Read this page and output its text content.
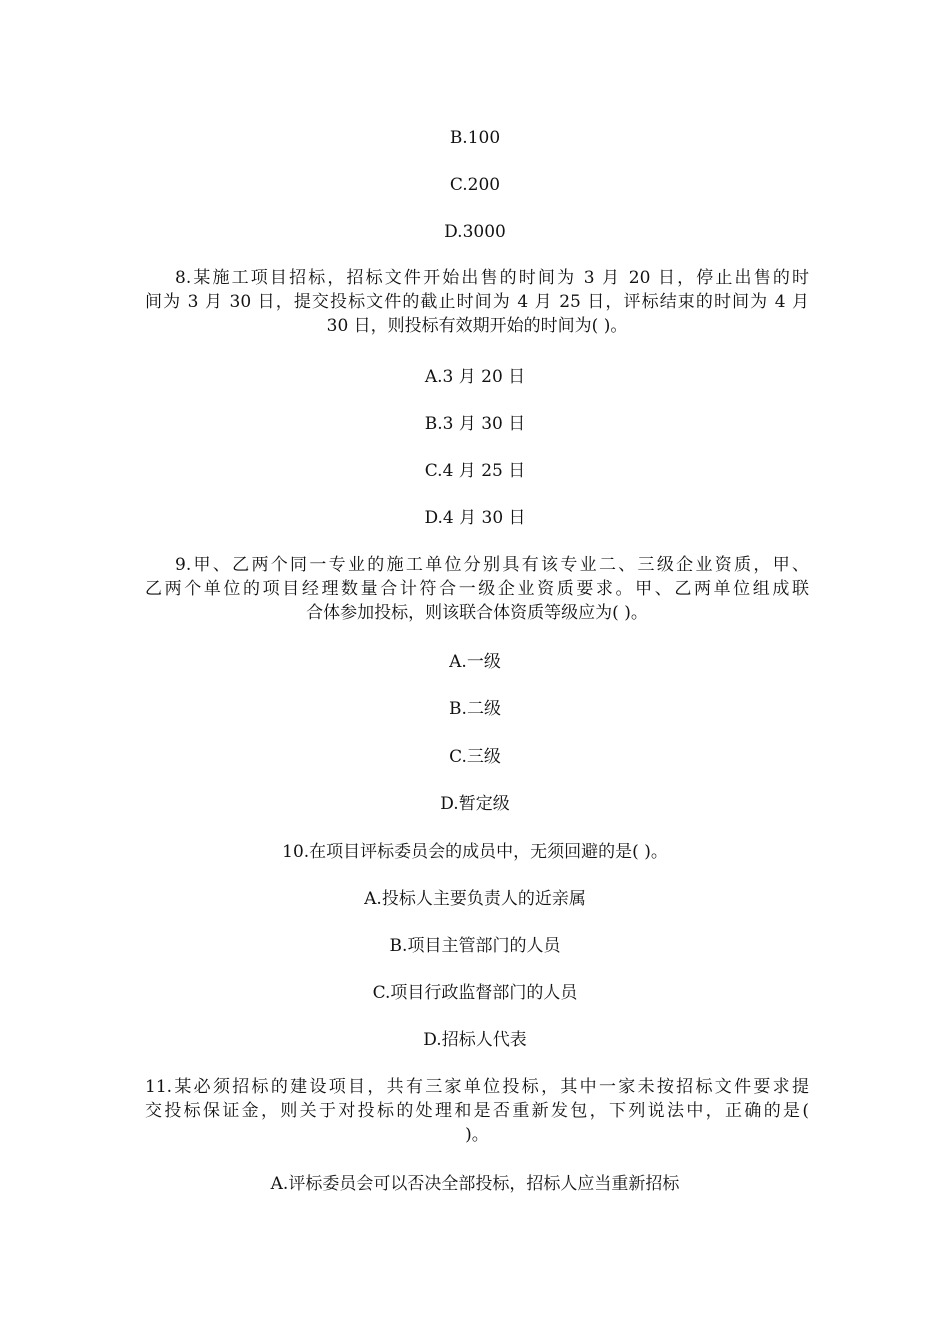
B.100
C.200
D.3000
8.某施工项目招标，招标文件开始出售的时间为 3 月 20 日，停止出售的时
间为 3 月 30 日，提交投标文件的截止时间为 4 月 25 日，评标结束的时间为 4 月
30 日，则投标有效期开始的时间为( )。
A.3 月 20 日
B.3 月 30 日
C.4 月 25 日
D.4 月 30 日
9.甲、乙两个同一专业的施工单位分别具有该专业二、三级企业资质，甲、
乙两个单位的项目经理数量合计符合一级企业资质要求。甲、乙两单位组成联
合体参加投标，则该联合体资质等级应为( )。
A.一级
B.二级
C.三级
D.暂定级
10.在项目评标委员会的成员中，无须回避的是( )。
A.投标人主要负责人的近亲属
B.项目主管部门的人员
C.项目行政监督部门的人员
D.招标人代表
11.某必须招标的建设项目，共有三家单位投标，其中一家未按招标文件要求提
交投标保证金，则关于对投标的处理和是否重新发包，下列说法中，正确的是(
)。
A.评标委员会可以否决全部投标，招标人应当重新招标
